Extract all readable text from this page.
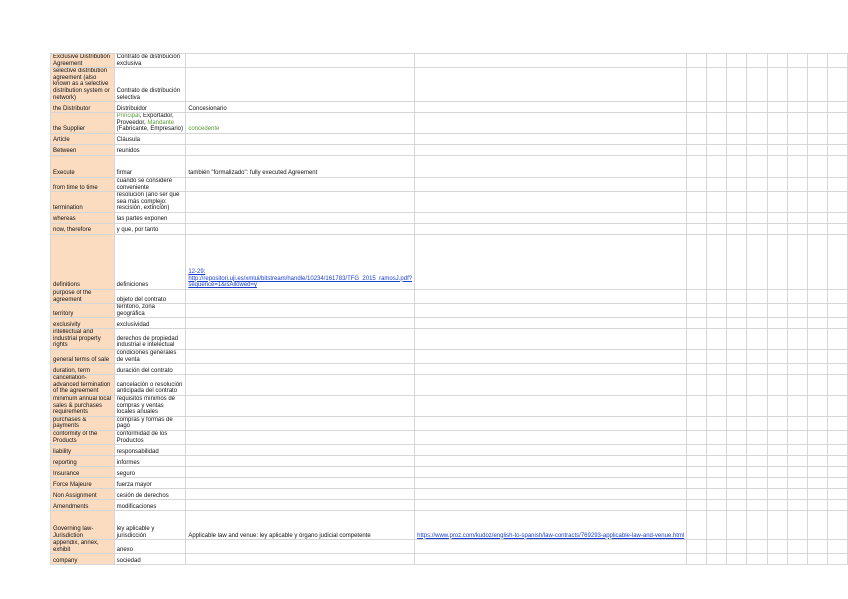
Exclusive Distribution Agreement	Contrato de distribución exclusiva										
selective distribution agreement (also known as a selective distribution system or network)	Contrato de distribución selectiva										
the Distributor	Distribuidor	Concesionario									
the Supplier	Principal, Exportador, Proveedor, Mandante (Fabricante, Empresario)	concedente									
Article	Cláusula										
Between	reunidos										
Execute	firmar	también "formalizado": fully executed Agreement									
from time to time	cuando se considere conveniente										
termination	resolución (ano ser que sea más complejo: rescisión, extinción)										
whereas	las partes exponen										
now, therefore	y que, por tanto										
definitions	definiciones	12-29: http://repositori.uji.es/xmlui/bitstream/handle/10234/161783/TFG_2015_ramosJ.pdf?sequence=1&isAllowed=y									
purpose of the agreement	objeto del contrato										
territory	territorio, zona geográfica										
exclusivity	exclusividad										
intellectual and industrial property rights	derechos de propiedad industrial e intelectual										
general terms of sale	condiciones generales de venta										
duration, term	duración del contrato										
cancellation- advanced termination of the agreement	cancelación o resolución anticipada del contrato										
minimum annual local sales & purchases requirements	requisitos mínimos de compras y ventas locales anuales										
purchases & payments	compras y formas de pago										
conformity of the Products	conformidad de los Productos										
liability	responsabilidad										
reporting	informes										
Insurance	seguro										
Force Majeure	fuerza mayor										
Non Assignment	cesión de derechos										
Amendments	modificaciones										
Governing law- Jurisdiction	ley aplicable y jurisdicción	Applicable law and venue: ley aplicable y órgano judicial competente	https://www.proz.com/kudoz/english-to-spanish/law-contracts/769293-applicable-law-and-venue.html								
appendix, annex, exhibit	anexo										
company	sociedad										
